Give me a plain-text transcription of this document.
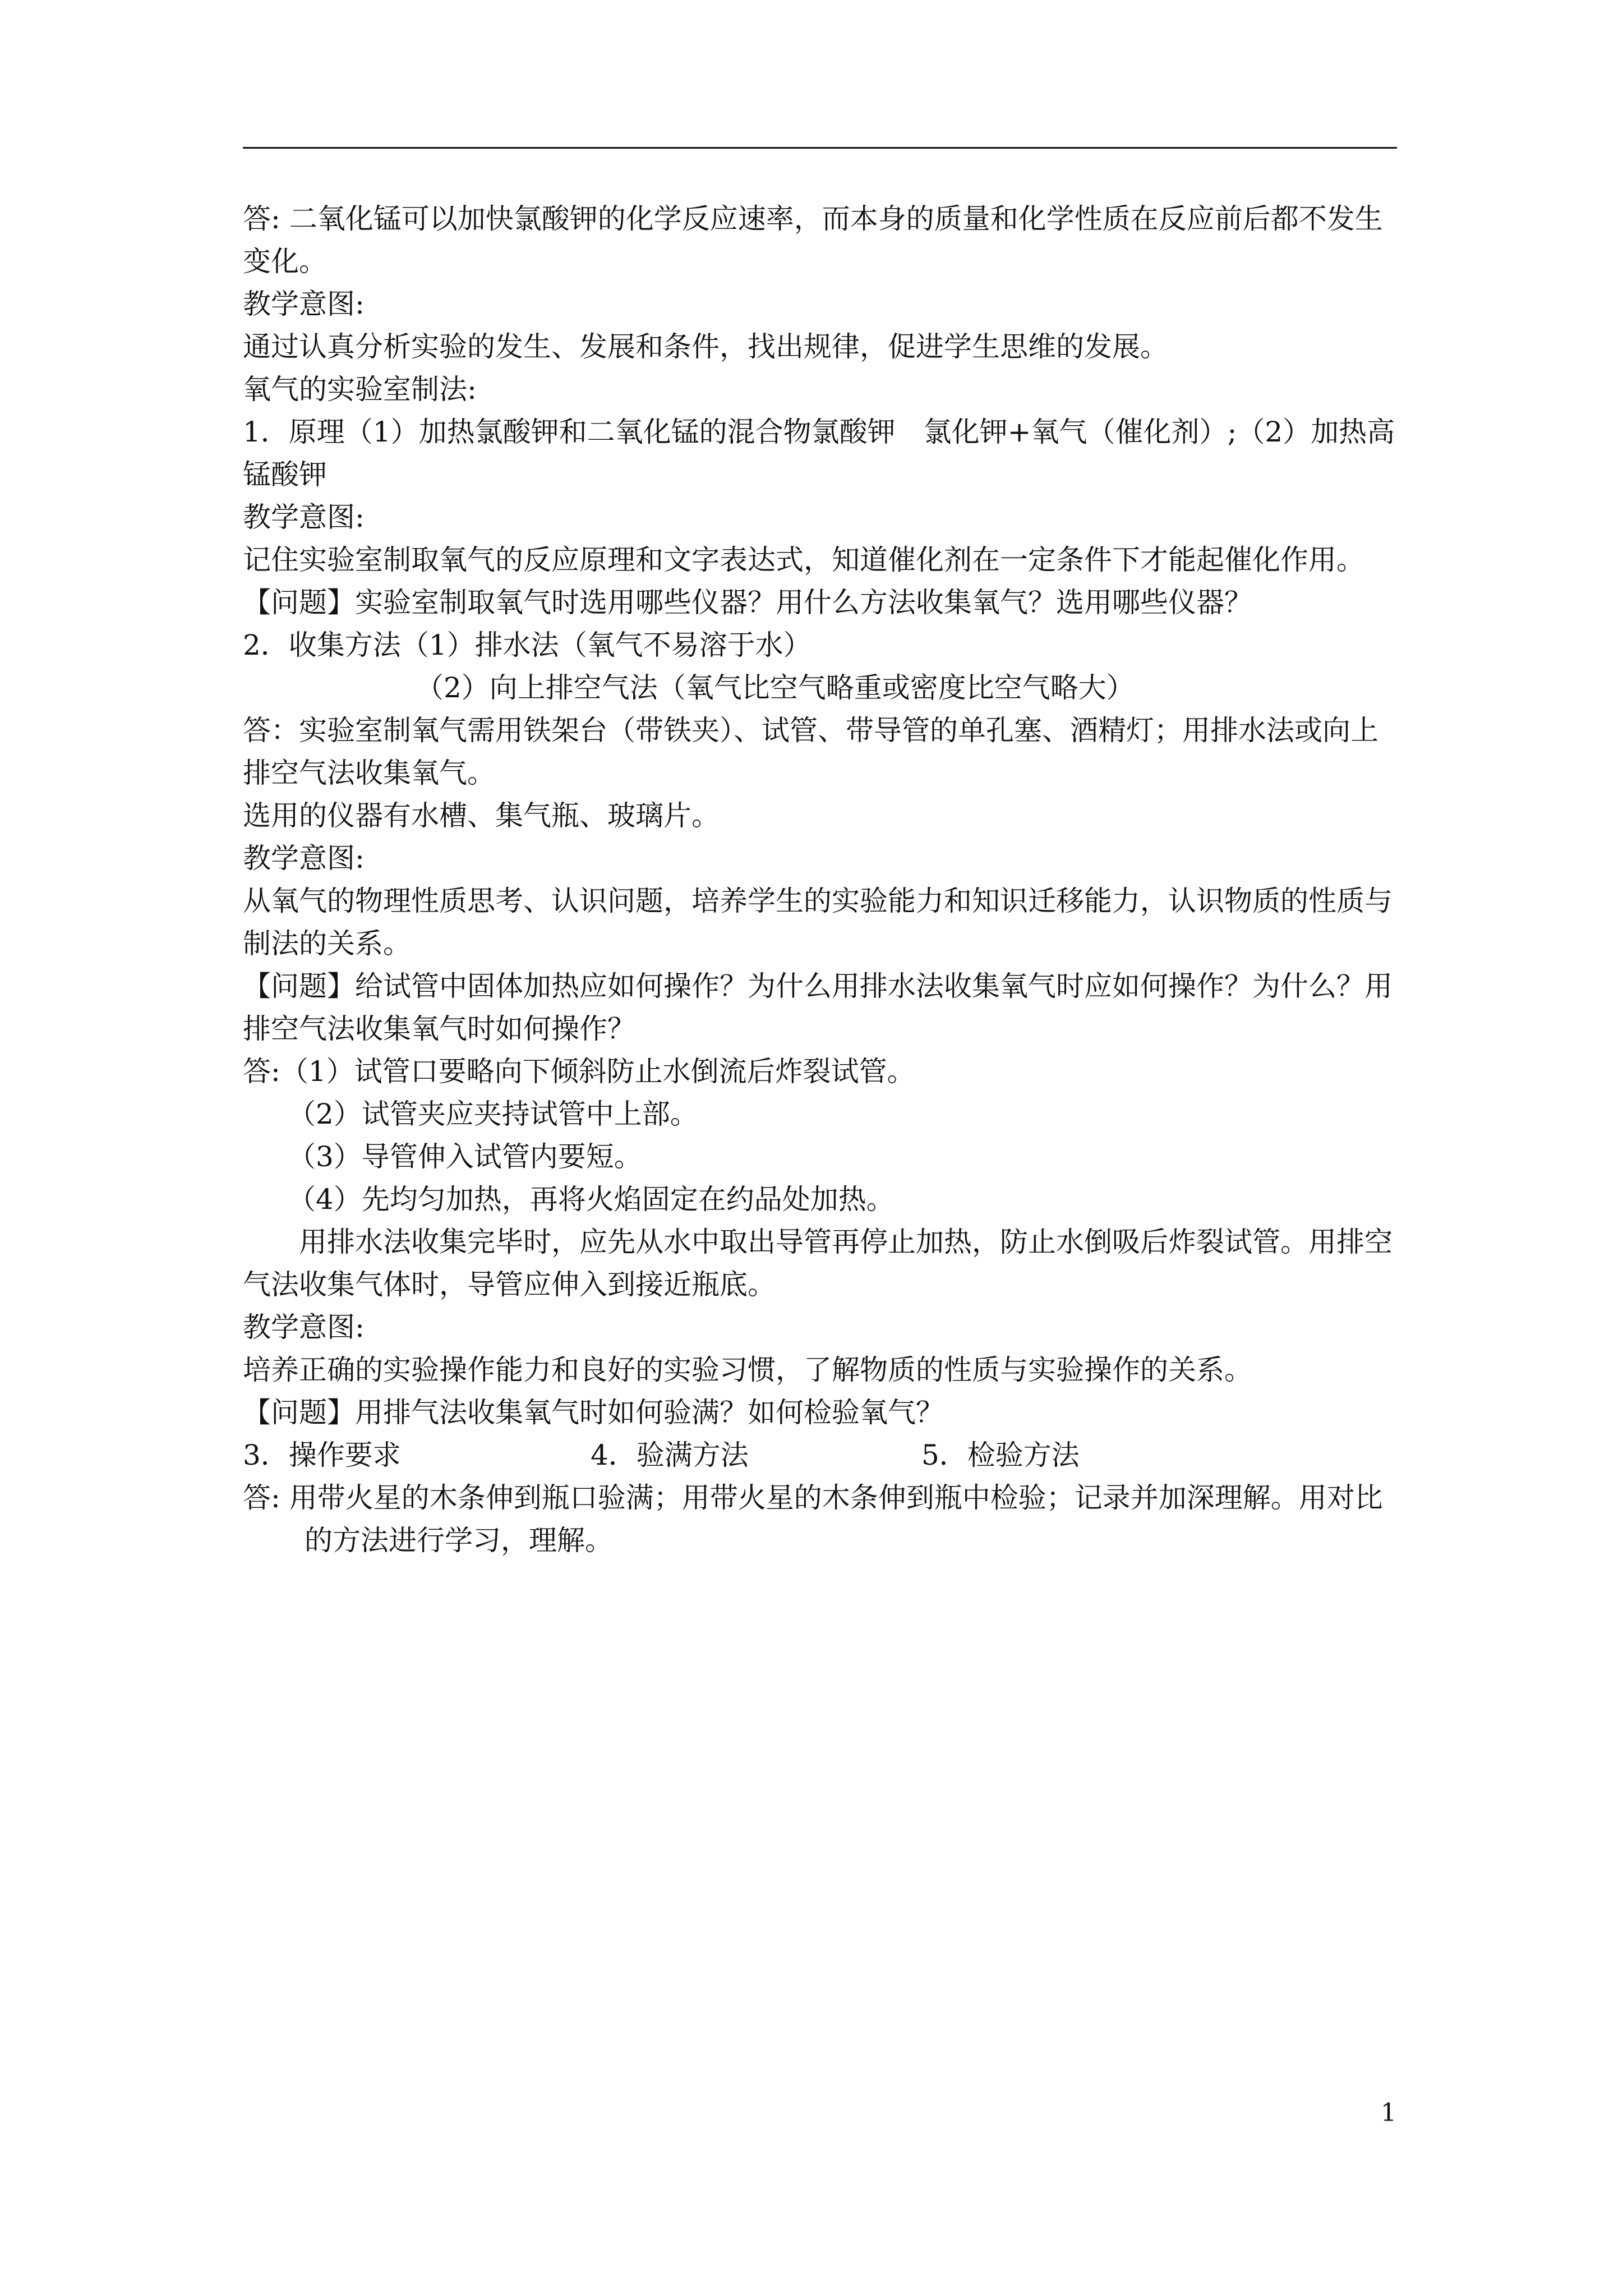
答: 二氧化锰可以加快氯酸钾的化学反应速率，而本身的质量和化学性质在反应前后都不发生变化。

教学意图:

通过认真分析实验的发生、发展和条件，找出规律，促进学生思维的发展。

氧气的实验室制法:

1．原理（1）加热氯酸钾和二氧化锰的混合物氯酸钾　氯化钾+氧气（催化剂）;（2）加热高锰酸钾

教学意图:

记住实验室制取氧气的反应原理和文字表达式，知道催化剂在一定条件下才能起催化作用。

【问题】实验室制取氧气时选用哪些仪器？用什么方法收集氧气？选用哪些仪器？

2．收集方法（1）排水法（氧气不易溶于水）

（2）向上排空气法（氧气比空气略重或密度比空气略大）

答：实验室制氧气需用铁架台（带铁夹）、试管、带导管的单孔塞、酒精灯；用排水法或向上排空气法收集氧气。

选用的仪器有水槽、集气瓶、玻璃片。

教学意图:

从氧气的物理性质思考、认识问题，培养学生的实验能力和知识迁移能力，认识物质的性质与制法的关系。

【问题】给试管中固体加热应如何操作？为什么用排水法收集氧气时应如何操作？为什么？用排空气法收集氧气时如何操作？

答:（1）试管口要略向下倾斜防止水倒流后炸裂试管。

（2）试管夹应夹持试管中上部。

（3）导管伸入试管内要短。

（4）先均匀加热，再将火焰固定在约品处加热。

用排水法收集完毕时，应先从水中取出导管再停止加热，防止水倒吸后炸裂试管。用排空气法收集气体时，导管应伸入到接近瓶底。

教学意图:

培养正确的实验操作能力和良好的实验习惯，了解物质的性质与实验操作的关系。

【问题】用排气法收集氧气时如何验满？如何检验氧气？

3．操作要求	4．验满方法	5．检验方法

答: 用带火星的木条伸到瓶口验满；用带火星的木条伸到瓶中检验；记录并加深理解。用对比的方法进行学习，理解。

1
